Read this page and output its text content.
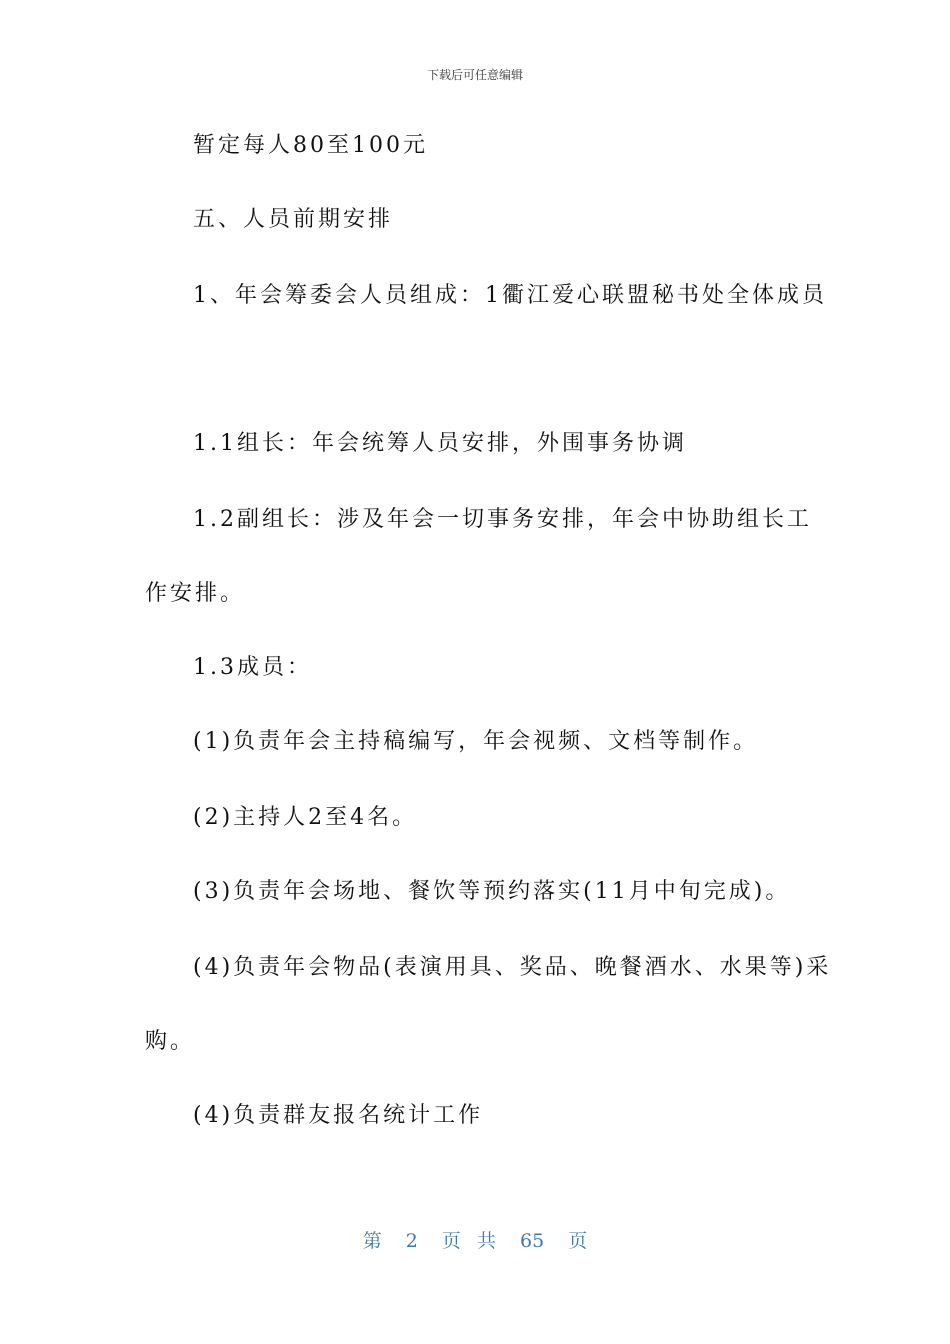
下载后可任意编辑
暂定每人80至100元
五、人员前期安排
1、年会筹委会人员组成：1衢江爱心联盟秘书处全体成员
1.1组长：年会统筹人员安排，外围事务协调
1.2副组长：涉及年会一切事务安排，年会中协助组长工
作安排。
1.3成员：
(1)负责年会主持稿编写，年会视频、文档等制作。
(2)主持人2至4名。
(3)负责年会场地、餐饮等预约落实(11月中旬完成)。
(4)负责年会物品(表演用具、奖品、晚餐酒水、水果等)采
购。
(4)负责群友报名统计工作
第 2 页 共 65 页
